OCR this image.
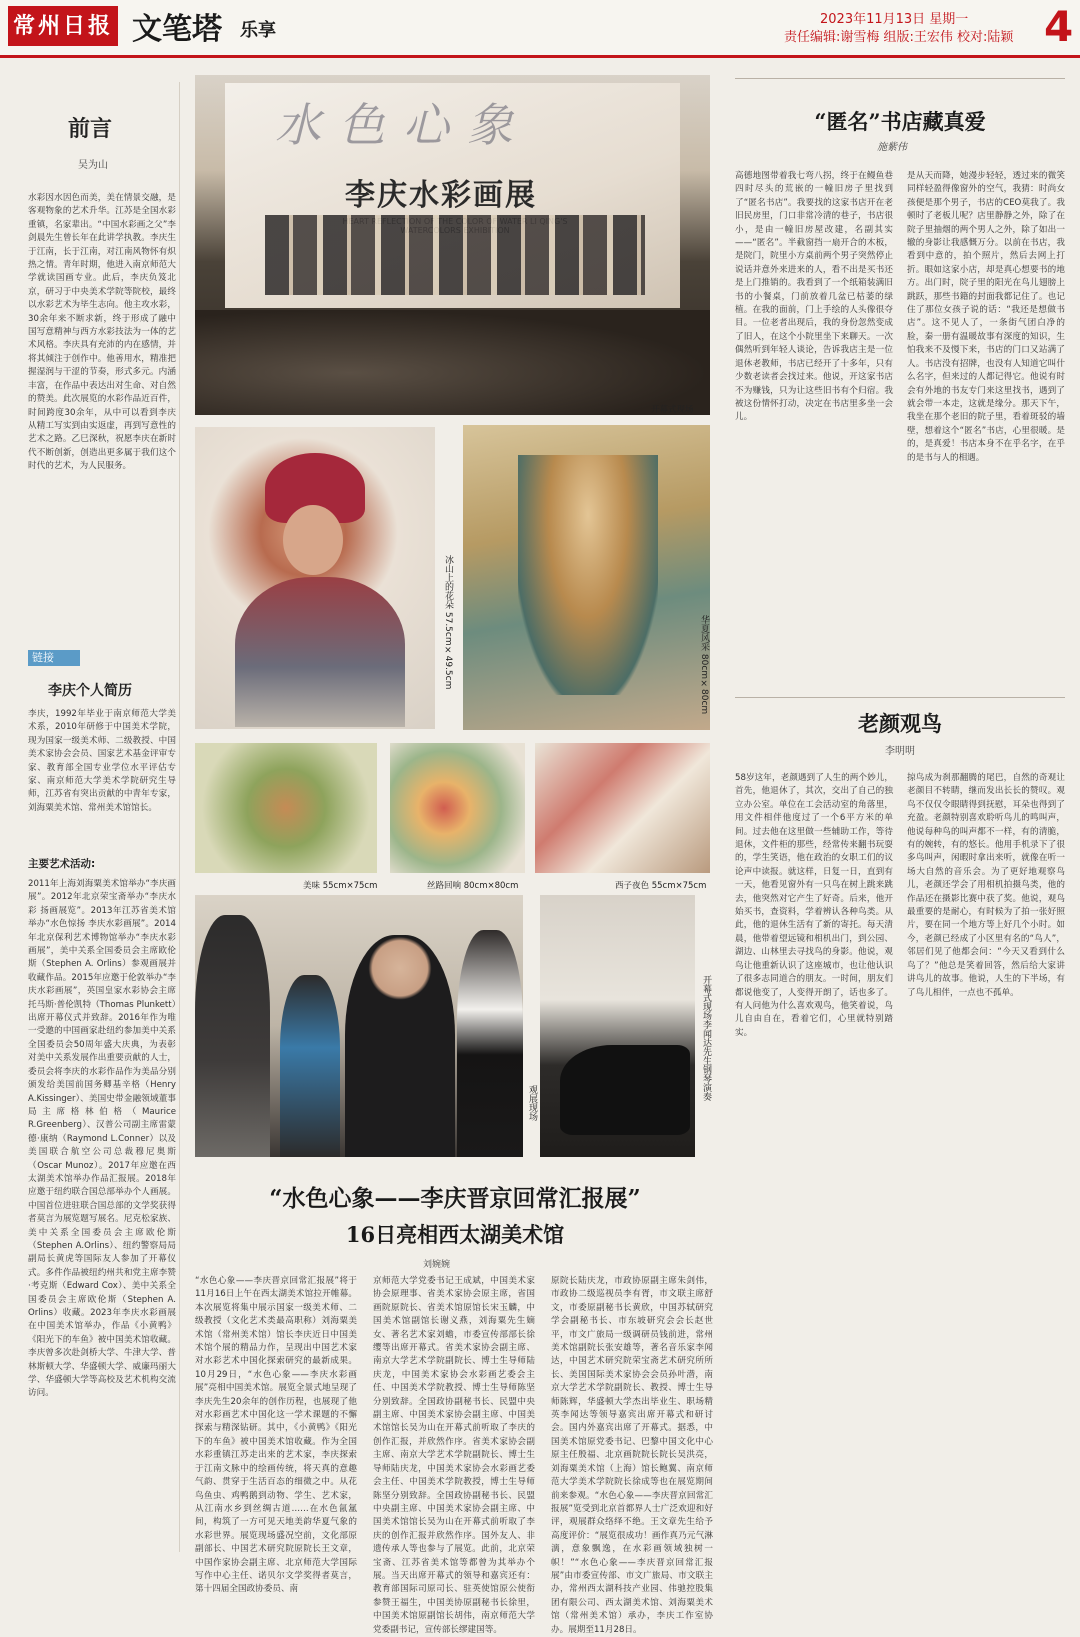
常州日报 文笔塔 乐享
2023年11月13日 星期一
责任编辑:谢雪梅 组版:王宏伟 校对:陆颖 4
前言
吴为山
水彩因水因色而美，美在情景交融，是客观物象的艺术升华。江苏是全国水彩重镇，名家辈出。“中国水彩画之父”李剑晨先生曾长年在此讲学执教。李庆生于江南，长于江南，对江南风物怀有炽热之情。青年时期，他进入南京师范大学就读国画专业。此后，李庆负笈北京，研习于中央美术学院等院校，最终以水彩艺术为毕生志向。他主攻水彩，30余年来不断求新，终于形成了融中国写意精神与西方水彩技法为一体的艺术风格。李庆具有充沛的内在感情，并将其倾注于创作中。他善用水，精准把握湿润与干涩的节奏，形式多元。内涵丰富，在作品中表达出对生命、对自然的赞美。此次展览的水彩作品近百件，时间跨度30余年，从中可以看到李庆从精工写实到由实返虚，再到写意性的艺术之路。乙巳深秋，祝愿李庆在新时代不断创新，创造出更多属于我们这个时代的艺术，为人民服务。
链接
李庆个人简历
李庆，1992年毕业于南京师范大学美术系，2010年研修于中国美术学院，现为国家一级美术师、二级教授、中国美术家协会会员、国家艺术基金评审专家、教育部全国专业学位水平评估专家、南京师范大学美术学院研究生导师，江苏省有突出贡献的中青年专家，刘海粟美术馆、常州美术馆馆长。
主要艺术活动:
2011年上海刘海粟美术馆举办“李庆画展”。2012年北京荣宝斋举办“李庆水彩 扬画展览”。2013年江苏省美术馆举办“水色惊扬 李庆水彩画展”。2014年北京保利艺术博物馆举办“李庆水彩画展”，美中关系全国委员会主席欧伦斯（Stephen A. Orlins）参观画展并收藏作品。2015年应邀于伦敦举办“李庆水彩画展”，英国皇家水彩协会主席托马斯·普伦凯特（Thomas Plunkett）出席开幕仪式并致辞。2016年作为唯一受邀的中国画家赴纽约参加美中关系全国委员会50周年盛大庆典，为表彰对美中关系发展作出重要贡献的人士，委员会将李庆的水彩作品作为美品分别颁发给美国前国务卿基辛格（Henry A.Kissinger）、美国史带金融领域董事局主席格林伯格（Maurice R.Greenberg）、汉普公司副主席雷蒙德·康纳（Raymond L.Conner）以及美国联合航空公司总裁穆尼奥斯（Oscar Munoz）。2017年应邀在西太湖美术馆举办作品汇报展。2018年应邀于纽约联合国总部举办个人画展。中国首位进驻联合国总部的文学奖获得者莫言为展览题写展名。尼克松家族、美中关系全国委员会主席欧伦斯（Stephen A.Orlins）、纽约警察局局副局长黄虎等国际友人参加了开幕仪式。多件作品被纽约州共和党主席李赞·考克斯（Edward Cox）、美中关系全国委员会主席欧伦斯（Stephen A. Orlins）收藏。2023年李庆水彩画展在中国美术馆举办，作品《小黄鸭》《阳光下的车鱼》被中国美术馆收藏。李庆曾多次赴剑桥大学、牛津大学、普林斯顿大学、华盛顿大学、威廉玛丽大学、华盛顿大学等高校及艺术机构交流访问。
水色心象
李庆水彩画展
开幕式现场
冰山上的花朵 57.5cm×49.5cm	华夏风采 80cm×80cm
美味 55cm×75cm	丝路回响 80cm×80cm	西子夜色 55cm×75cm
观展现场
开幕式现场李闻达先生钢琴演奏
“水色心象——李庆晋京回常汇报展”
16日亮相西太湖美术馆
刘婉婉
“水色心象——李庆晋京回常汇报展”将于11月16日上午在西太湖美术馆拉开帷幕。本次展览将集中展示国家一级美术师、二级教授（文化艺术类最高职称）刘海粟美术馆（常州美术馆）馆长李庆近日中国美术馆个展的精品力作，呈现出中国艺术家对水彩艺术中国化探索研究的最新成果。10月29日，“水色心象——李庆水彩画展”亮相中国美术馆。展览全景式地呈现了李庆先生20余年的创作历程，也展现了他对水彩画艺术中国化这一学术课题的不懈探索与精深钻研。其中，《小黄鸭》《阳光下的车鱼》被中国美术馆收藏。作为全国水彩重镇江苏走出来的艺术家，李庆探索于江南文脉中的绘画传统，将天真的意趣气韵、贯穿于生活百态的细微之中。从花鸟鱼虫、鸡鸭鹅到动物、学生、艺术家，从江南水乡到丝绸古道……在水色氤氲间，构筑了一方可见天地美韵华夏气象的水彩世界。展览现场盛况空前，文化部原副部长、中国艺术研究院原院长王文章，中国作家协会副主席、北京师范大学国际写作中心主任、诺贝尔文学奖得者莫言，第十四届全国政协委员、南
京师范大学党委书记王成斌，中国美术家协会原理事、省美术家协会原主席，省国画院原院长、省美术馆原馆长宋玉麟，中国美术馆副馆长谢义燕，刘海粟先生嫡女、著名艺术家刘蟾，市委宣传部部长徐缨等出席开幕式。省美术家协会副主席、南京大学艺术学院副院长、博士生导师陆庆龙，中国美术家协会水彩画艺委会主任、中国美术学院教授、博士生导师陈坚分别致辞。全国政协副秘书长、民盟中央副主席、中国美术家协会副主席、中国美术馆馆长吴为山在开幕式前听取了李庆的创作汇报，并欣然作序。省美术家协会副主席、南京大学艺术学院副院长、博士生导师陆庆龙，中国美术家协会水彩画艺委会主任、中国美术学院教授，博士生导师陈坚分别致辞。全国政协副秘书长、民盟中央副主席、中国美术家协会副主席、中国美术馆馆长吴为山在开幕式前听取了李庆的创作汇报并欣然作序。国外友人、非遗传承人等也参与了展览。此前，北京荣宝斋、江苏省美术馆等都曾为其举办个展。当天出席开幕式的领导和嘉宾还有：教育部国际司原司长、驻英使馆原公使衔参赞王福生，中国美协原副秘书长徐里，中国美术馆原副馆长胡伟，南京师范大学党委副书记，宣传部长缪建国等。
原院长陆庆龙，市政协原副主席朱剑伟，市政协二级巡视员李有胥，市文联主席舒文，市委原副秘书长黄欣，中国苏轼研究学会副秘书长、市东坡研究会会长赵世平，市文广旅局一级调研员钱前进，常州美术馆副院长张安雄等，著名音乐家李闻达，中国艺术研究院荣宝斋艺术研究所所长、美国国际美术家协会会员孙叶潜，南京大学艺术学院副院长、教授、博士生导师陈辉，华盛顿大学杰出毕业生、职场精英李闻达等领导嘉宾出席开幕式和研讨会。国内外嘉宾出席了开幕式。据悉，中国美术馆原党委书记、巴黎中国文化中心原主任殷福、北京画院院长院长吴洪亮，刘海粟美术馆（上海）馆长鲍翼、南京师范大学美术学院院长徐成等也在展览期间前来参观。“水色心象——李庆晋京回常汇报展”览受到北京首都界人士广泛欢迎和好评，观展群众络绎不绝。王文章先生给予高度评价：“展览很成功！画作真乃元气淋漓，意象飘逸，在水彩画领域独树一帜！”“水色心象——李庆晋京回常汇报展”由市委宣传部、市文广旅局、市文联主办，常州西太湖科技产业园、伟驰控股集团有限公司、西太湖美术馆、刘海粟美术馆（常州美术馆）承办，李庆工作室协办。展期至11月28日。
“匿名”书店藏真爱
施紫伟
高德地图带着我七弯八拐，终于在鳗鱼巷四时尽头的荒嵌的一幢旧房子里找到了“匿名书店”。我要找的这家书店开在老旧民房里，门口非常冷清的巷子，书店很小，是由一幢旧房屋改建，名副其实——“匿名”。半截窗挡一扇开合的木板，是院门，院里小方桌前两个男子突然停止说话并意外来进来的人，看不出是买书还是上门推销的。我看到了一个纸箱装满旧书的小餐桌，门前放着几盆已枯萎的绿植。在我的面前，门上手绘的人头像很夺目。一位老者出现后，我的身份忽然变成了旧人，在这个小院里坐下来聊天。一次偶然听到年轻人谈论，告诉我店主是一位退休老教师，书店已经开了十多年，只有少数老读者会找过来。他说，开这家书店不为赚钱，只为让这些旧书有个归宿。我被这份情怀打动，决定在书店里多坐一会儿。
是从天而降，她漫步轻轻，透过来的微笑同样轻盈得像窗外的空气，我猜：时尚女孩便是那个男子，书店的CEO莫我了。我顿时了老板儿呢？店里静静之外，除了在院子里抽烟的两个男人之外，除了如出一辙的身影让我感慨万分。以前在书店，我看到中意的，拍个照片，然后去网上打折。眼如这家小店，却是真心想要书的地方。出门时，院子里的阳光在鸟儿翅膀上跳跃，那些书籍的封面我都记住了。也记住了那位女孩子说的话：“我还是想做书店”。这不见人了，一条街气团白净的脸，秦一册有温暖故事有深度的知识，生怕我来不及慢下来，书店的门口又站满了人。书店没有招牌，也没有人知道它叫什么名字，但来过的人都记得它。他说有时会有外地的书友专门来这里找书，遇到了就会带一本走，这就是缘分。那天下午，我坐在那个老旧的院子里，看着斑驳的墙壁，想着这个“匿名”书店，心里很暖。是的，是真爱！书店本身不在乎名字，在乎的是书与人的相遇。
老颜观鸟
李明明
58岁这年，老颜遇到了人生的两个妙儿，首先，他退休了，其次，交出了自己的独立办公室。单位在工会活动室的角落里，用文件相伴他度过了一个6平方米的单间。过去他在这里做一些辅助工作，等待退休，文件柜的那些，经常传来翻书玩耍的，学生笑语，他在政治的女职工们的议论声中读报。就这样，日复一日，直到有一天，他看见窗外有一只鸟在树上跳来跳去，他突然对它产生了好奇。后来，他开始买书，查资料，学着辨认各种鸟类。从此，他的退休生活有了新的寄托。每天清晨，他带着望远镜和相机出门，到公园、湖边、山林里去寻找鸟的身影。他说，观鸟让他重新认识了这座城市，也让他认识了很多志同道合的朋友。一时间，朋友们都说他变了，人变得开朗了，话也多了。有人问他为什么喜欢观鸟，他笑着说，鸟儿自由自在，看着它们，心里就特别踏实。
掠鸟成为刹那翻腾的尾巴，自然的奇观让老颜目不转睛，继而发出长长的赞叹。观鸟不仅仅令眼睛得到抚慰，耳朵也得到了充盈。老颜特别喜欢聆听鸟儿的鸣叫声，他说每种鸟的叫声都不一样，有的清脆，有的婉转，有的悠长。他用手机录下了很多鸟叫声，闲暇时拿出来听，就像在听一场大自然的音乐会。为了更好地观察鸟儿，老颜还学会了用相机拍摄鸟类，他的作品还在摄影比赛中获了奖。他说，观鸟最重要的是耐心，有时候为了拍一张好照片，要在同一个地方等上好几个小时。如今，老颜已经成了小区里有名的“鸟人”，邻居们见了他都会问：“今天又看到什么鸟了？”他总是笑着回答，然后给大家讲讲鸟儿的故事。他说，人生的下半场，有了鸟儿相伴，一点也不孤单。
